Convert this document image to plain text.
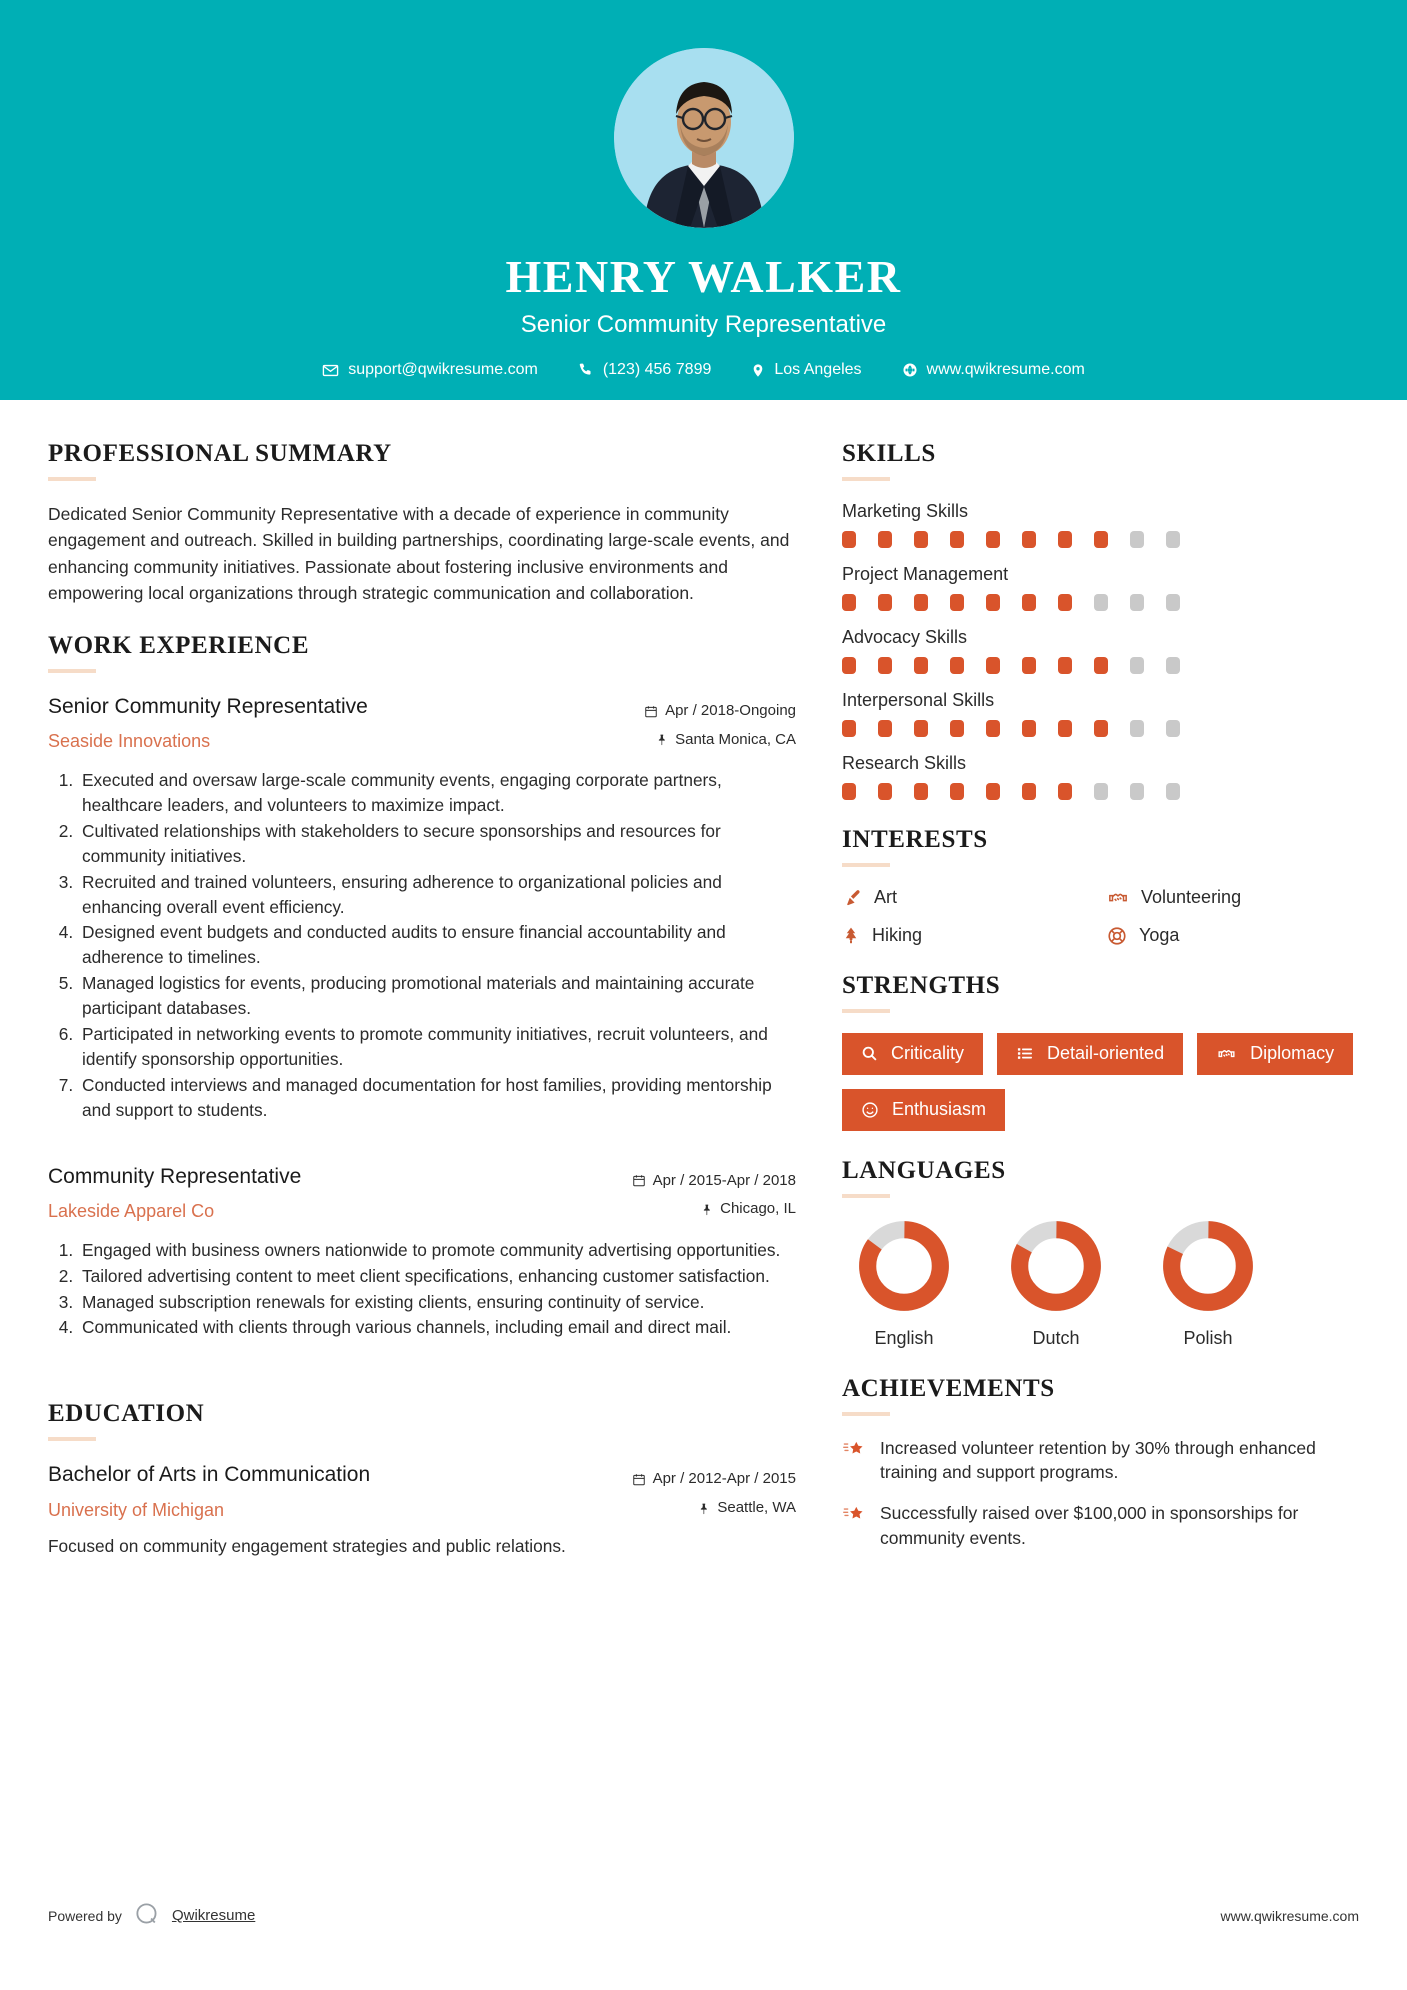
HENRY WALKER
Senior Community Representative
support@qwikresume.com	(123) 456 7899	Los Angeles	www.qwikresume.com
PROFESSIONAL SUMMARY
Dedicated Senior Community Representative with a decade of experience in community engagement and outreach. Skilled in building partnerships, coordinating large-scale events, and enhancing community initiatives. Passionate about fostering inclusive environments and empowering local organizations through strategic communication and collaboration.
WORK EXPERIENCE
Senior Community Representative
Seaside Innovations
Apr / 2018-Ongoing
Santa Monica, CA
1. Executed and oversaw large-scale community events, engaging corporate partners, healthcare leaders, and volunteers to maximize impact.
2. Cultivated relationships with stakeholders to secure sponsorships and resources for community initiatives.
3. Recruited and trained volunteers, ensuring adherence to organizational policies and enhancing overall event efficiency.
4. Designed event budgets and conducted audits to ensure financial accountability and adherence to timelines.
5. Managed logistics for events, producing promotional materials and maintaining accurate participant databases.
6. Participated in networking events to promote community initiatives, recruit volunteers, and identify sponsorship opportunities.
7. Conducted interviews and managed documentation for host families, providing mentorship and support to students.
Community Representative
Lakeside Apparel Co
Apr / 2015-Apr / 2018
Chicago, IL
1. Engaged with business owners nationwide to promote community advertising opportunities.
2. Tailored advertising content to meet client specifications, enhancing customer satisfaction.
3. Managed subscription renewals for existing clients, ensuring continuity of service.
4. Communicated with clients through various channels, including email and direct mail.
EDUCATION
Bachelor of Arts in Communication
University of Michigan
Apr / 2012-Apr / 2015
Seattle, WA
Focused on community engagement strategies and public relations.
SKILLS
Marketing Skills
Project Management
Advocacy Skills
Interpersonal Skills
Research Skills
INTERESTS
Art	Volunteering
Hiking	Yoga
STRENGTHS
Criticality	Detail-oriented	Diplomacy
Enthusiasm
LANGUAGES
English	Dutch	Polish
ACHIEVEMENTS
Increased volunteer retention by 30% through enhanced training and support programs.
Successfully raised over $100,000 in sponsorships for community events.
Powered by	Qwikresume	www.qwikresume.com
